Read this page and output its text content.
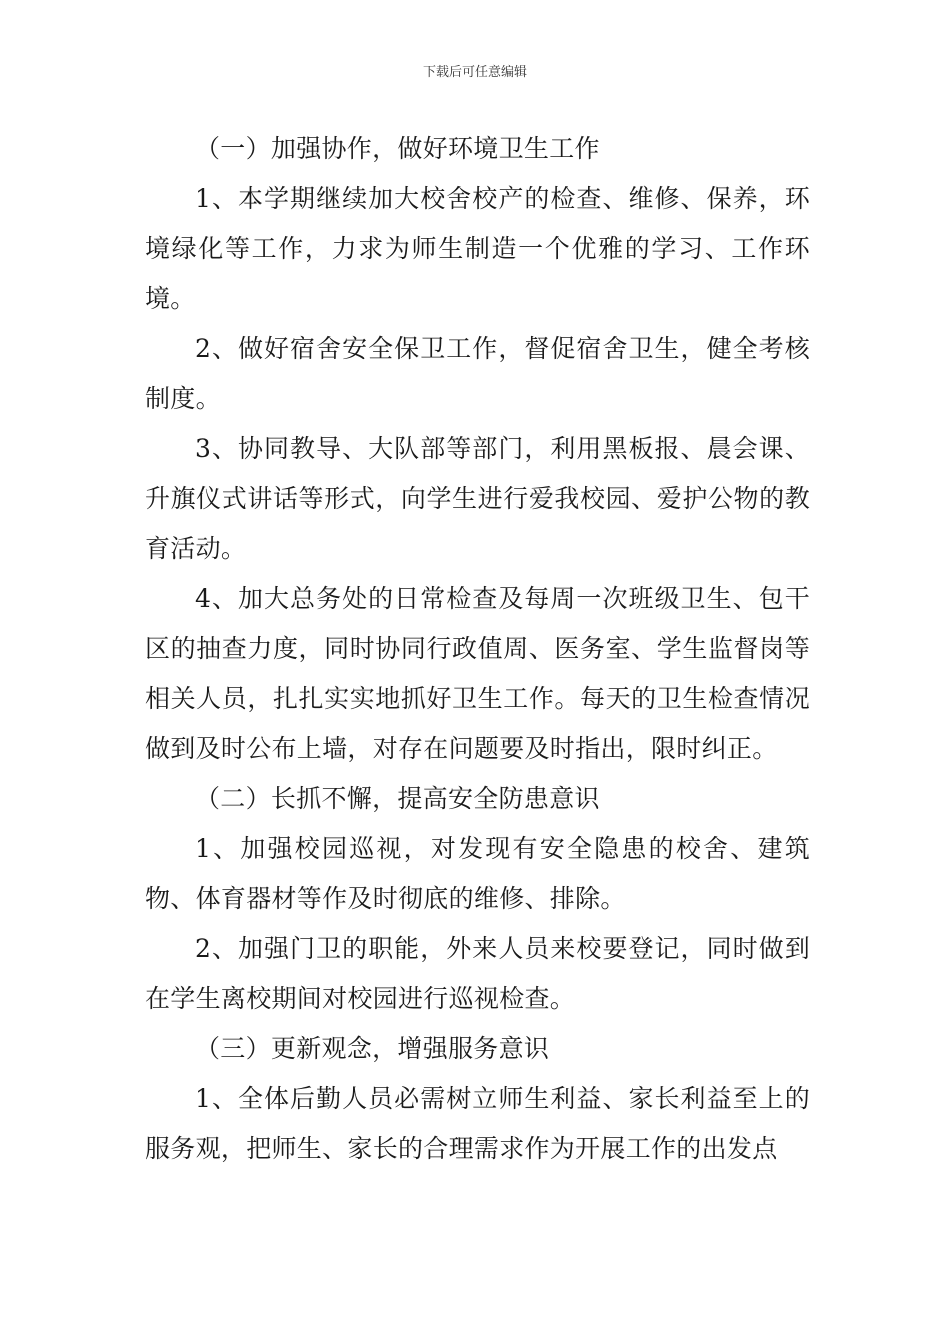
下载后可任意编辑

（一）加强协作，做好环境卫生工作

1、本学期继续加大校舍校产的检查、维修、保养，环境绿化等工作，力求为师生制造一个优雅的学习、工作环境。

2、做好宿舍安全保卫工作，督促宿舍卫生，健全考核制度。

3、协同教导、大队部等部门，利用黑板报、晨会课、升旗仪式讲话等形式，向学生进行爱我校园、爱护公物的教育活动。

4、加大总务处的日常检查及每周一次班级卫生、包干区的抽查力度，同时协同行政值周、医务室、学生监督岗等相关人员，扎扎实实地抓好卫生工作。每天的卫生检查情况做到及时公布上墙，对存在问题要及时指出，限时纠正。

（二）长抓不懈，提高安全防患意识

1、加强校园巡视，对发现有安全隐患的校舍、建筑物、体育器材等作及时彻底的维修、排除。

2、加强门卫的职能，外来人员来校要登记，同时做到在学生离校期间对校园进行巡视检查。

（三）更新观念，增强服务意识

1、全体后勤人员必需树立师生利益、家长利益至上的服务观，把师生、家长的合理需求作为开展工作的出发点
